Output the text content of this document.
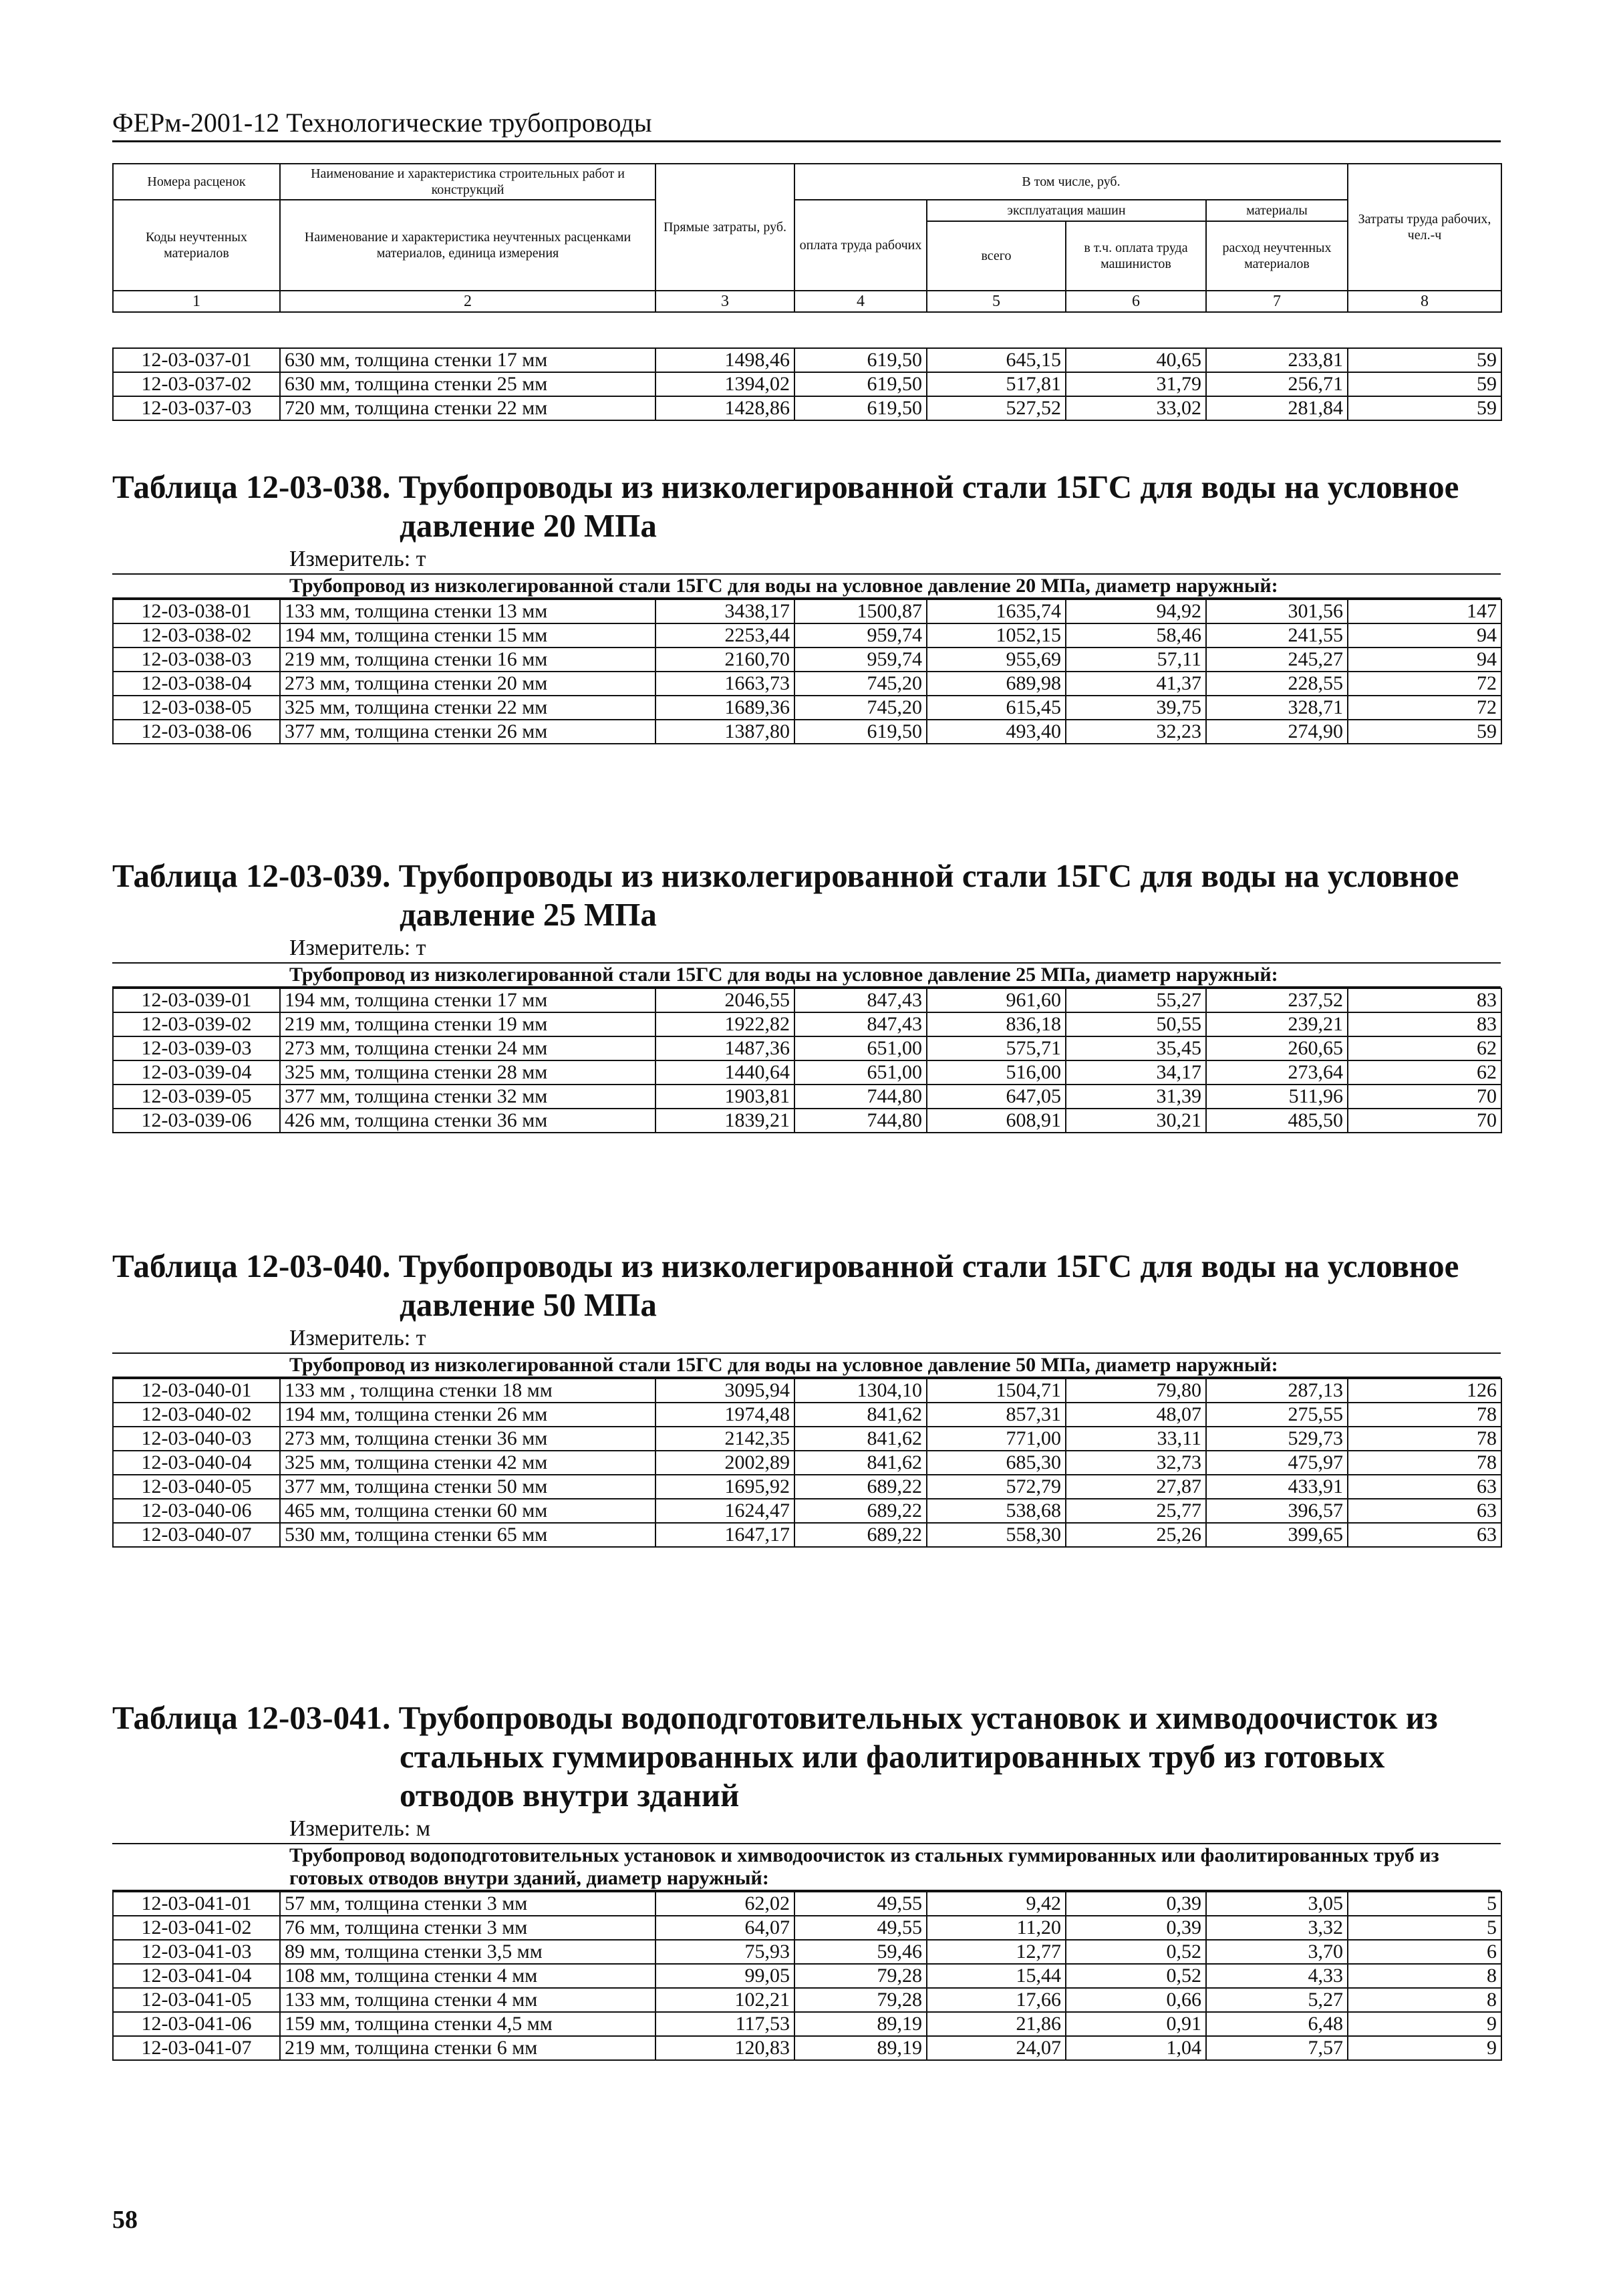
ФЕРм-2001-12 Технологические трубопроводы
Номера расценок	Наименование и характеристика строительных работ и конструкций	Прямые затраты, руб.	В том числе, руб.				Затраты труда рабочих, чел.-ч
Коды неучтенных материалов	Наименование и характеристика неучтенных расценками материалов, единица измерения		оплата труда рабочих	эксплуатация машин		материалы	
				всего	в т.ч. оплата труда машинистов	расход неучтенных материалов	
1	2	3	4	5	6	7	8
12-03-037-01	630 мм, толщина стенки 17 мм	1498,46	619,50	645,15	40,65	233,81	59
12-03-037-02	630 мм, толщина стенки 25 мм	1394,02	619,50	517,81	31,79	256,71	59
12-03-037-03	720 мм, толщина стенки 22 мм	1428,86	619,50	527,52	33,02	281,84	59
Таблица 12-03-038. Трубопроводы из низколегированной стали 15ГС для воды на условное
давление 20 МПа
Измеритель: т
Трубопровод из низколегированной стали 15ГС для воды на условное давление 20 МПа, диаметр наружный:
12-03-038-01	133 мм, толщина стенки 13 мм	3438,17	1500,87	1635,74	94,92	301,56	147
12-03-038-02	194 мм, толщина стенки 15 мм	2253,44	959,74	1052,15	58,46	241,55	94
12-03-038-03	219 мм, толщина стенки 16 мм	2160,70	959,74	955,69	57,11	245,27	94
12-03-038-04	273 мм, толщина стенки 20 мм	1663,73	745,20	689,98	41,37	228,55	72
12-03-038-05	325 мм, толщина стенки 22 мм	1689,36	745,20	615,45	39,75	328,71	72
12-03-038-06	377 мм, толщина стенки 26 мм	1387,80	619,50	493,40	32,23	274,90	59
Таблица 12-03-039. Трубопроводы из низколегированной стали 15ГС для воды на условное
давление 25 МПа
Измеритель: т
Трубопровод из низколегированной стали 15ГС для воды на условное давление 25 МПа, диаметр наружный:
12-03-039-01	194 мм, толщина стенки 17 мм	2046,55	847,43	961,60	55,27	237,52	83
12-03-039-02	219 мм, толщина стенки 19 мм	1922,82	847,43	836,18	50,55	239,21	83
12-03-039-03	273 мм, толщина стенки 24 мм	1487,36	651,00	575,71	35,45	260,65	62
12-03-039-04	325 мм, толщина стенки 28 мм	1440,64	651,00	516,00	34,17	273,64	62
12-03-039-05	377 мм, толщина стенки 32 мм	1903,81	744,80	647,05	31,39	511,96	70
12-03-039-06	426 мм, толщина стенки 36 мм	1839,21	744,80	608,91	30,21	485,50	70
Таблица 12-03-040. Трубопроводы из низколегированной стали 15ГС для воды на условное
давление 50 МПа
Измеритель: т
Трубопровод из низколегированной стали 15ГС для воды на условное давление 50 МПа, диаметр наружный:
12-03-040-01	133 мм , толщина стенки 18 мм	3095,94	1304,10	1504,71	79,80	287,13	126
12-03-040-02	194 мм, толщина стенки 26 мм	1974,48	841,62	857,31	48,07	275,55	78
12-03-040-03	273 мм, толщина стенки 36 мм	2142,35	841,62	771,00	33,11	529,73	78
12-03-040-04	325 мм, толщина стенки 42 мм	2002,89	841,62	685,30	32,73	475,97	78
12-03-040-05	377 мм, толщина стенки 50 мм	1695,92	689,22	572,79	27,87	433,91	63
12-03-040-06	465 мм, толщина стенки 60 мм	1624,47	689,22	538,68	25,77	396,57	63
12-03-040-07	530 мм, толщина стенки 65 мм	1647,17	689,22	558,30	25,26	399,65	63
Таблица 12-03-041. Трубопроводы водоподготовительных установок и химводоочисток из
стальных гуммированных или фаолитированных труб из готовых
отводов внутри зданий
Измеритель: м
Трубопровод водоподготовительных установок и химводоочисток из стальных гуммированных или фаолитированных труб из готовых отводов внутри зданий, диаметр наружный:
12-03-041-01	57 мм, толщина стенки 3 мм	62,02	49,55	9,42	0,39	3,05	5
12-03-041-02	76 мм, толщина стенки 3 мм	64,07	49,55	11,20	0,39	3,32	5
12-03-041-03	89 мм, толщина стенки 3,5 мм	75,93	59,46	12,77	0,52	3,70	6
12-03-041-04	108 мм, толщина стенки 4 мм	99,05	79,28	15,44	0,52	4,33	8
12-03-041-05	133 мм, толщина стенки 4 мм	102,21	79,28	17,66	0,66	5,27	8
12-03-041-06	159 мм, толщина стенки 4,5 мм	117,53	89,19	21,86	0,91	6,48	9
12-03-041-07	219 мм, толщина стенки 6 мм	120,83	89,19	24,07	1,04	7,57	9
58
